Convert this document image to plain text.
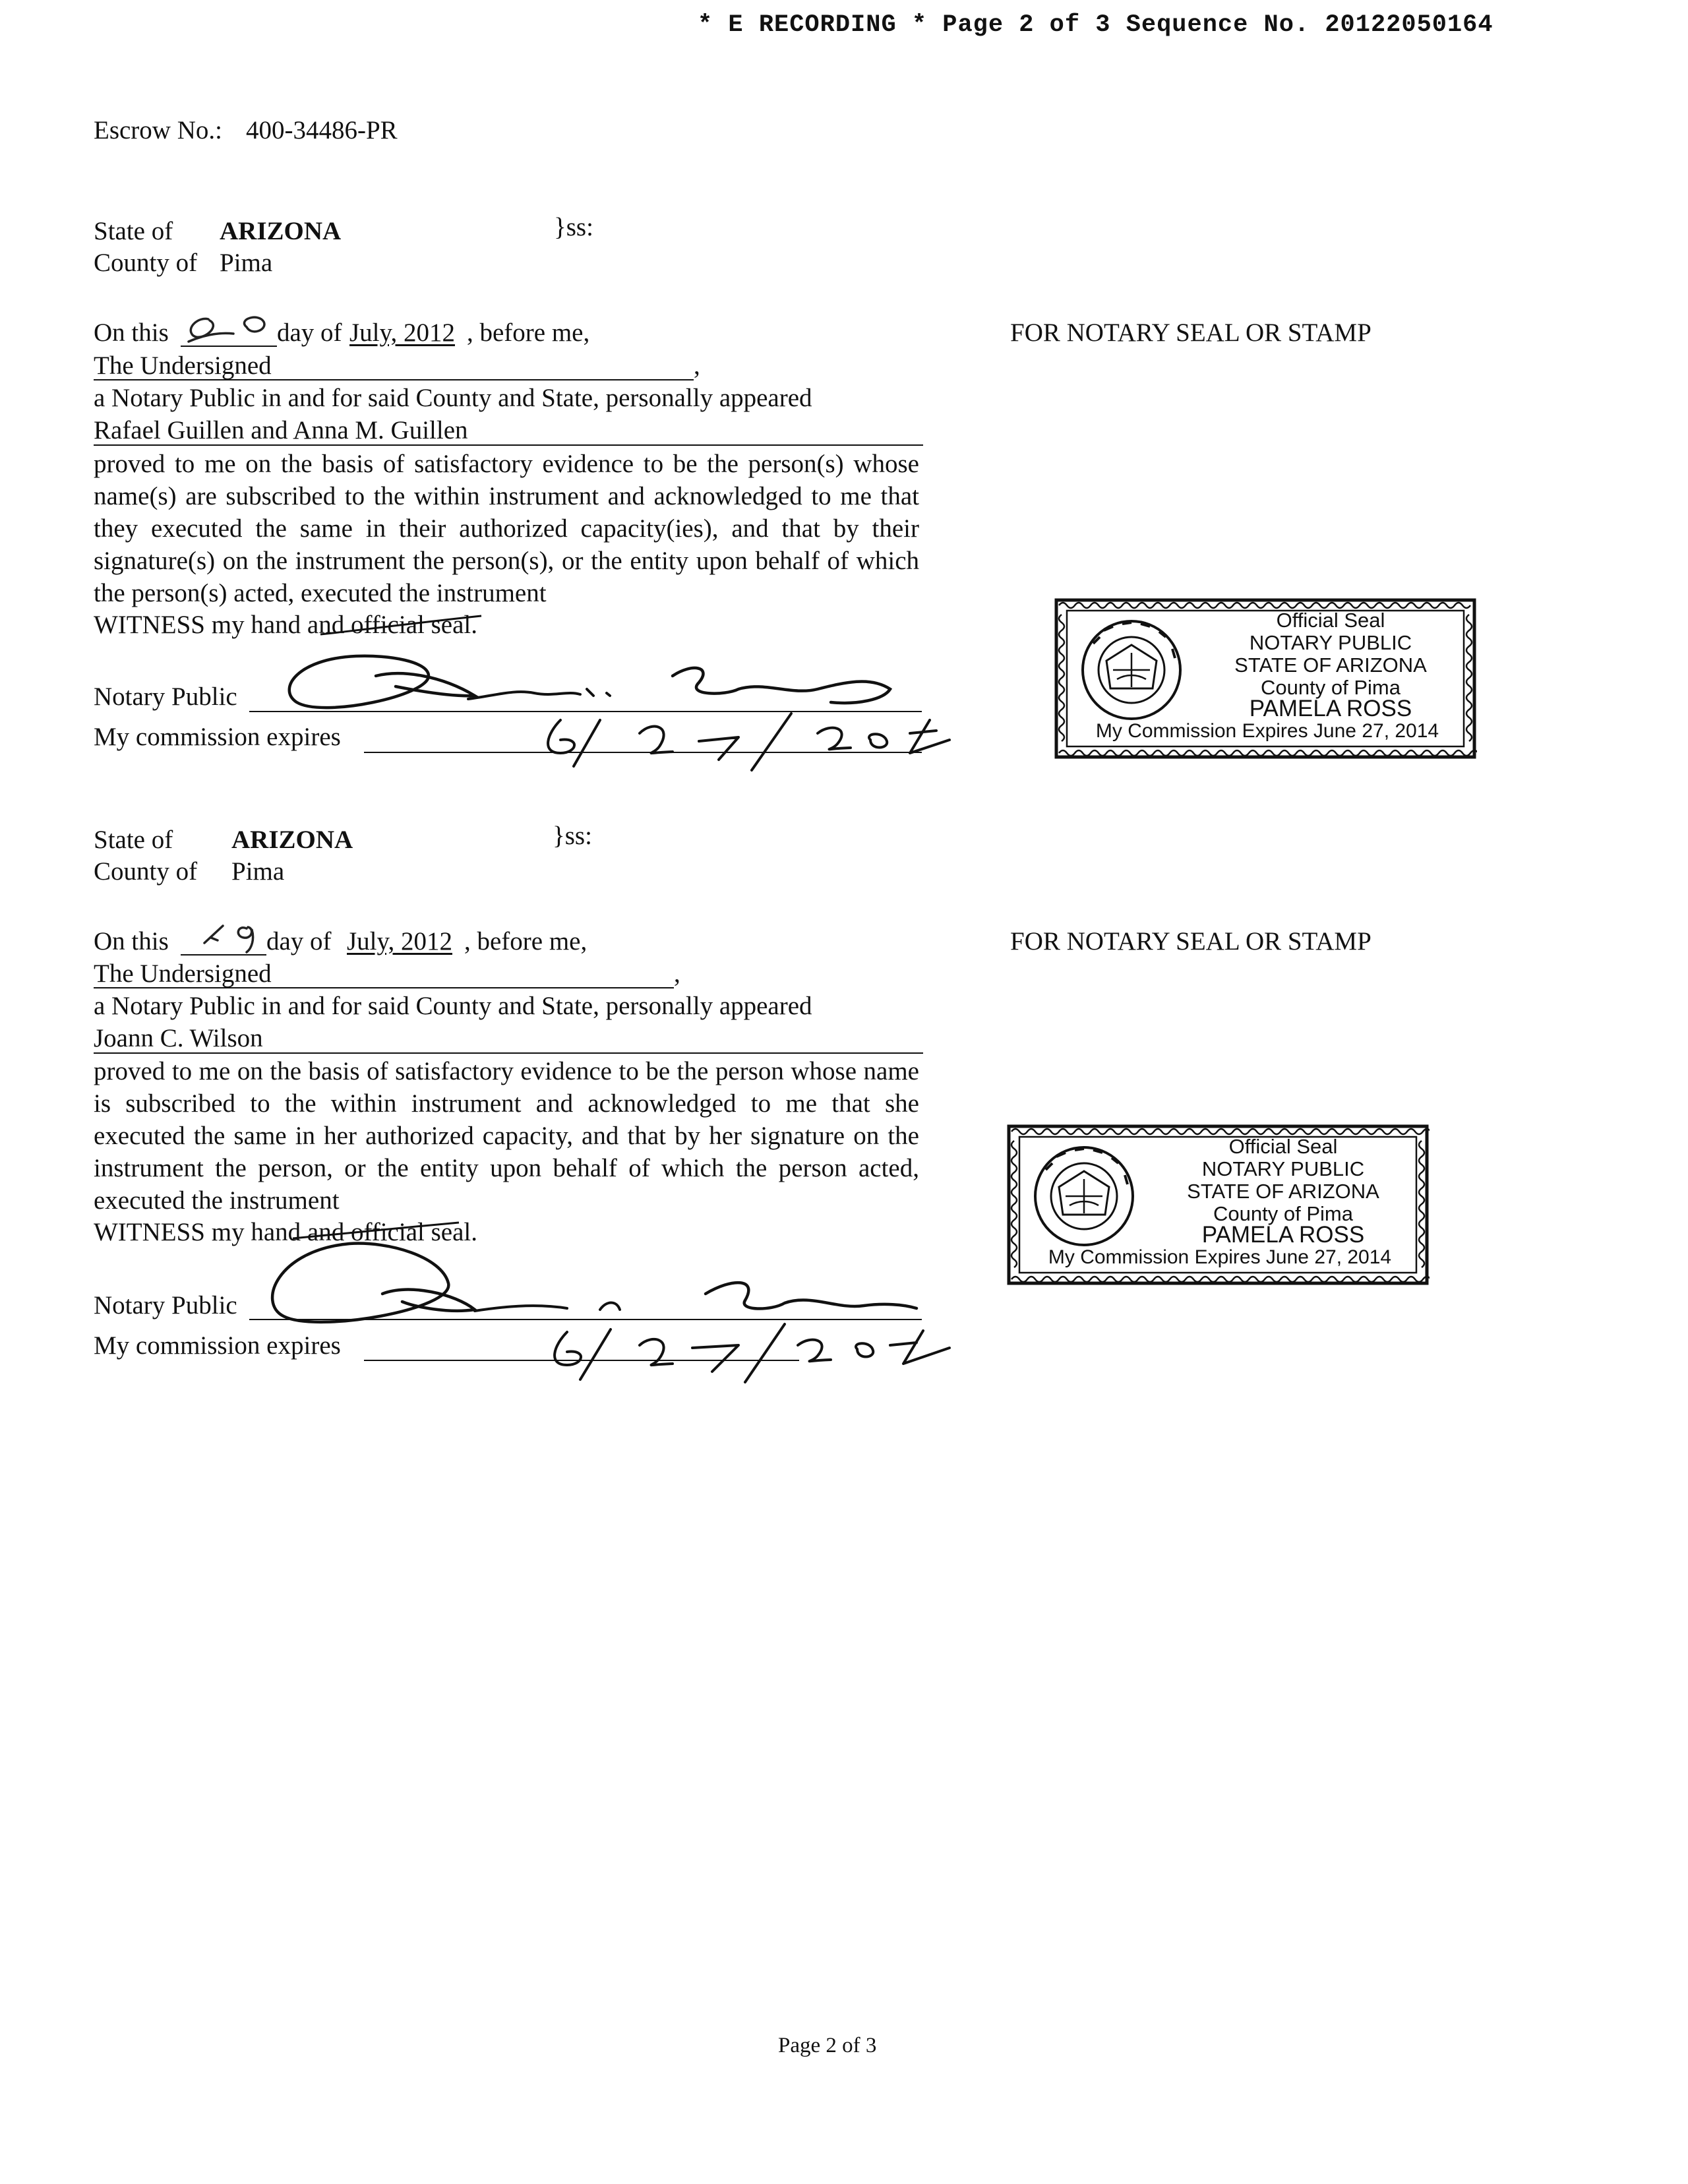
* E RECORDING * Page 2 of 3 Sequence No. 20122050164
Escrow No.: 400-34486-PR
State of ARIZONA	}ss:
County of Pima
On this
20
day of July, 2012 , before me,
The Undersigned	,
a Notary Public in and for said County and State, personally appeared
Rafael Guillen and Anna M. Guillen
proved to me on the basis of satisfactory evidence to be the person(s) whose name(s) are subscribed to the within instrument and acknowledged to me that they executed the same in their authorized capacity(ies), and that by their signature(s) on the instrument the person(s), or the entity upon behalf of which the person(s) acted, executed the instrument
WITNESS my hand and official seal.
Notary Public
My commission expires
FOR NOTARY SEAL OR STAMP
Official Seal
NOTARY PUBLIC
STATE OF ARIZONA
County of Pima
PAMELA ROSS
My Commission Expires June 27, 2014
State of ARIZONA	}ss:
County of Pima
On this
19
day of July, 2012 , before me,
The Undersigned	,
a Notary Public in and for said County and State, personally appeared
Joann C. Wilson
proved to me on the basis of satisfactory evidence to be the person whose name is subscribed to the within instrument and acknowledged to me that she executed the same in her authorized capacity, and that by her signature on the instrument the person, or the entity upon behalf of which the person acted, executed the instrument
WITNESS my hand and official seal.
Notary Public
My commission expires
FOR NOTARY SEAL OR STAMP
Official Seal
NOTARY PUBLIC
STATE OF ARIZONA
County of Pima
PAMELA ROSS
My Commission Expires June 27, 2014
Page 2 of 3
